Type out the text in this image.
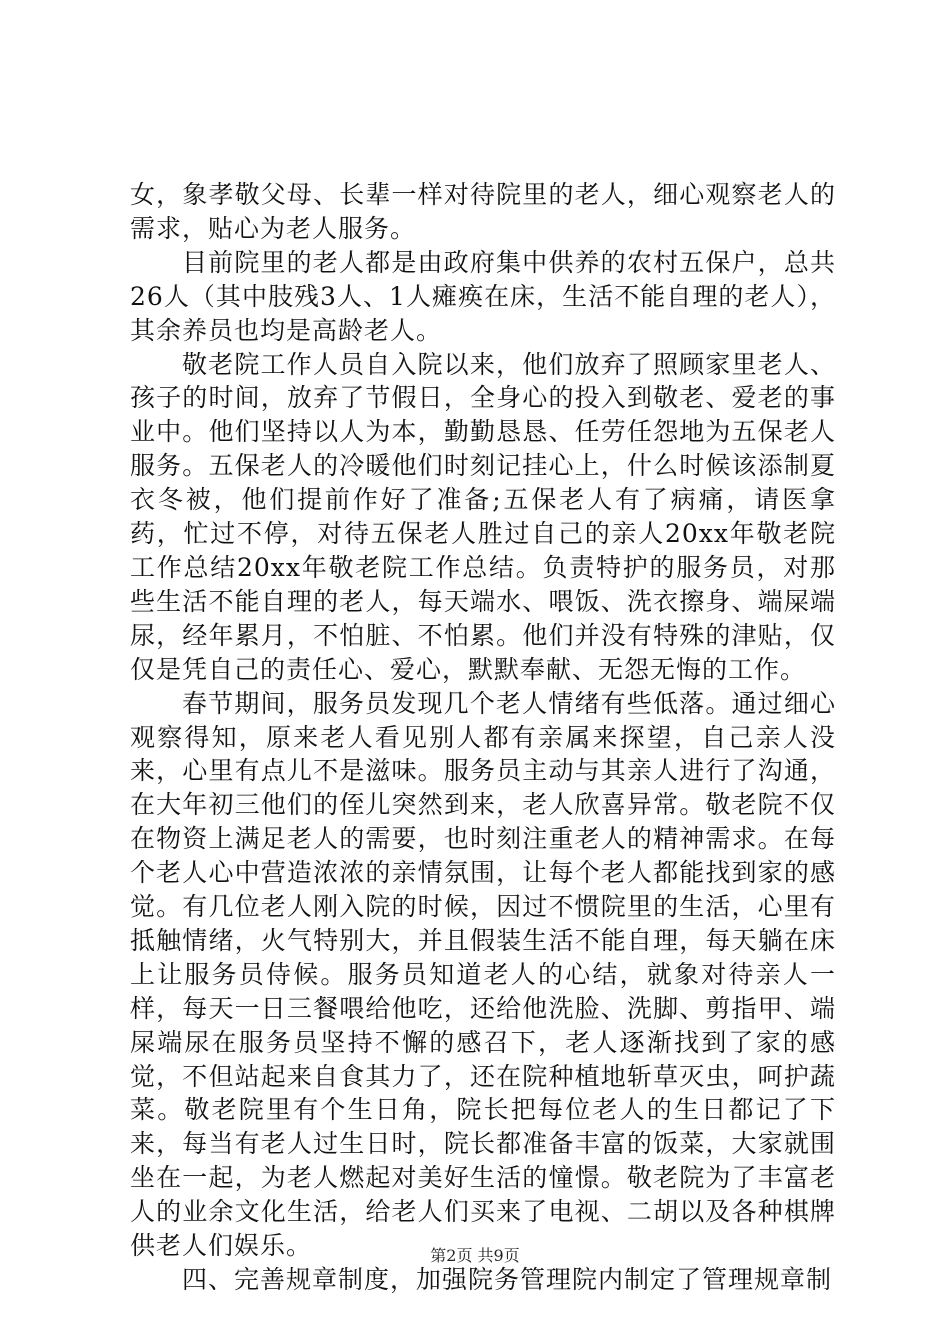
女，象孝敬父母、长辈一样对待院里的老人，细心观察老人的需求，贴心为老人服务。

目前院里的老人都是由政府集中供养的农村五保户，总共26人（其中肢残3人、1人瘫痪在床，生活不能自理的老人），其余养员也均是高龄老人。

敬老院工作人员自入院以来，他们放弃了照顾家里老人、孩子的时间，放弃了节假日，全身心的投入到敬老、爱老的事业中。他们坚持以人为本，勤勤恳恳、任劳任怨地为五保老人服务。五保老人的冷暖他们时刻记挂心上，什么时候该添制夏衣冬被，他们提前作好了准备;五保老人有了病痛，请医拿药，忙过不停，对待五保老人胜过自己的亲人20xx年敬老院工作总结20xx年敬老院工作总结。负责特护的服务员，对那些生活不能自理的老人，每天端水、喂饭、洗衣擦身、端屎端尿，经年累月，不怕脏、不怕累。他们并没有特殊的津贴，仅仅是凭自己的责任心、爱心，默默奉献、无怨无悔的工作。

春节期间，服务员发现几个老人情绪有些低落。通过细心观察得知，原来老人看见别人都有亲属来探望，自己亲人没来，心里有点儿不是滋味。服务员主动与其亲人进行了沟通，在大年初三他们的侄儿突然到来，老人欣喜异常。敬老院不仅在物资上满足老人的需要，也时刻注重老人的精神需求。在每个老人心中营造浓浓的亲情氛围，让每个老人都能找到家的感觉。有几位老人刚入院的时候，因过不惯院里的生活，心里有抵触情绪，火气特别大，并且假装生活不能自理，每天躺在床上让服务员侍候。服务员知道老人的心结，就象对待亲人一样，每天一日三餐喂给他吃，还给他洗脸、洗脚、剪指甲、端屎端尿在服务员坚持不懈的感召下，老人逐渐找到了家的感觉，不但站起来自食其力了，还在院种植地斩草灭虫，呵护蔬菜。敬老院里有个生日角，院长把每位老人的生日都记了下来，每当有老人过生日时，院长都准备丰富的饭菜，大家就围坐在一起，为老人燃起对美好生活的憧憬。敬老院为了丰富老人的业余文化生活，给老人们买来了电视、二胡以及各种棋牌供老人们娱乐。

四、完善规章制度，加强院务管理院内制定了管理规章制

第2页 共9页
